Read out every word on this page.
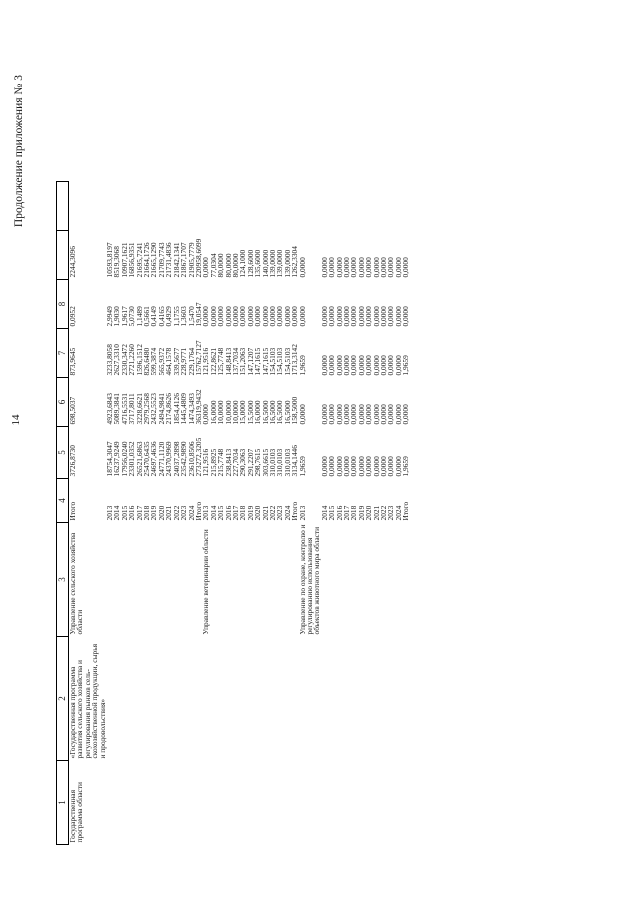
14
Продолжение приложения № 3
1	2	3	4	5	6	7	8		
Государственная программа области	«Государственная программа развития сельского хозяйства и регулирования рынков сель-скохозяйственной продукции, сырья и продовольствия»	Управление сельского хозяйства области	Итого	3726,8730	698,5037	873,9645	0,0952	2244,3096	
			2013	18754,3047	4923,6843	3233,8058	2,9949	10593,8197	
			2014	16237,9249	5089,3841	2627,3310	1,9030	8519,3068	
			2015	17956,0240	4716,5531	2330,3472	1,9617	10907,1621	
			2016	23301,0352	3717,8011	2721,2260	5,0730	16856,9351	
			2017	26521,6863	3228,6621	1596,1512	1,1489	21695,7241	
			2018	25470,6435	2979,2568	826,6480	0,5661	21664,1726	
			2019	24697,4636	2432,5523	599,3874	0,4149	21665,1290	
			2020	24771,1120	2494,9841	565,9372	0,4165	21709,7743	
			2021	24370,9969	2174,8626	464,1578	0,4929	21731,4836	
			2022	24037,2898	1854,4126	339,5677	1,1755	21842,1341	
			2023	23542,9890	1445,4809	228,9771	1,3603	21867,1707	
			2024	23610,8506	1474,3493	229,1764	1,5470	21905,7779	
			Итого	273272,3205	36319,9432	15762,7127	19,0547	220958,6099	
		Управление ветеринарии области	2013	121,9516	0,0000	121,9516	0,0000	0,0000	
			2014	215,8925	16,0000	122,8621	0,0000	77,0304	
			2015	215,7748	10,0000	125,7748	0,0000	80,0000	
			2016	238,8413	10,0000	148,8413	0,0000	80,0000	
			2017	227,7034	10,0000	137,7034	0,0000	80,0000	
			2018	290,3063	15,0000	151,2063	0,0000	124,1000	
			2019	291,2207	15,5000	147,1207	0,0000	128,6000	
			2020	298,7615	16,0000	147,1615	0,0000	135,6000	
			2021	303,6615	16,5000	147,1615	0,0000	140,0000	
			2022	310,0103	16,5000	154,5103	0,0000	139,0000	
			2023	310,0103	16,5000	154,5103	0,0000	139,0000	
			2024	310,0103	16,5000	154,5103	0,0000	139,0000	
			Итого	3134,1446	158,5000	1713,3142	0,0000	1262,3304	
		Управление по охране, контролю и регулированию использования объектов животного мира области	2013	1,9659	0,0000	1,9659	0,0000	0,0000	
			2014	0,0000	0,0000	0,0000	0,0000	0,0000	
			2015	0,0000	0,0000	0,0000	0,0000	0,0000	
			2016	0,0000	0,0000	0,0000	0,0000	0,0000	
			2017	0,0000	0,0000	0,0000	0,0000	0,0000	
			2018	0,0000	0,0000	0,0000	0,0000	0,0000	
			2019	0,0000	0,0000	0,0000	0,0000	0,0000	
			2020	0,0000	0,0000	0,0000	0,0000	0,0000	
			2021	0,0000	0,0000	0,0000	0,0000	0,0000	
			2022	0,0000	0,0000	0,0000	0,0000	0,0000	
			2023	0,0000	0,0000	0,0000	0,0000	0,0000	
			2024	0,0000	0,0000	0,0000	0,0000	0,0000	
			Итого	1,9659	0,0000	1,9659	0,0000	0,0000	
